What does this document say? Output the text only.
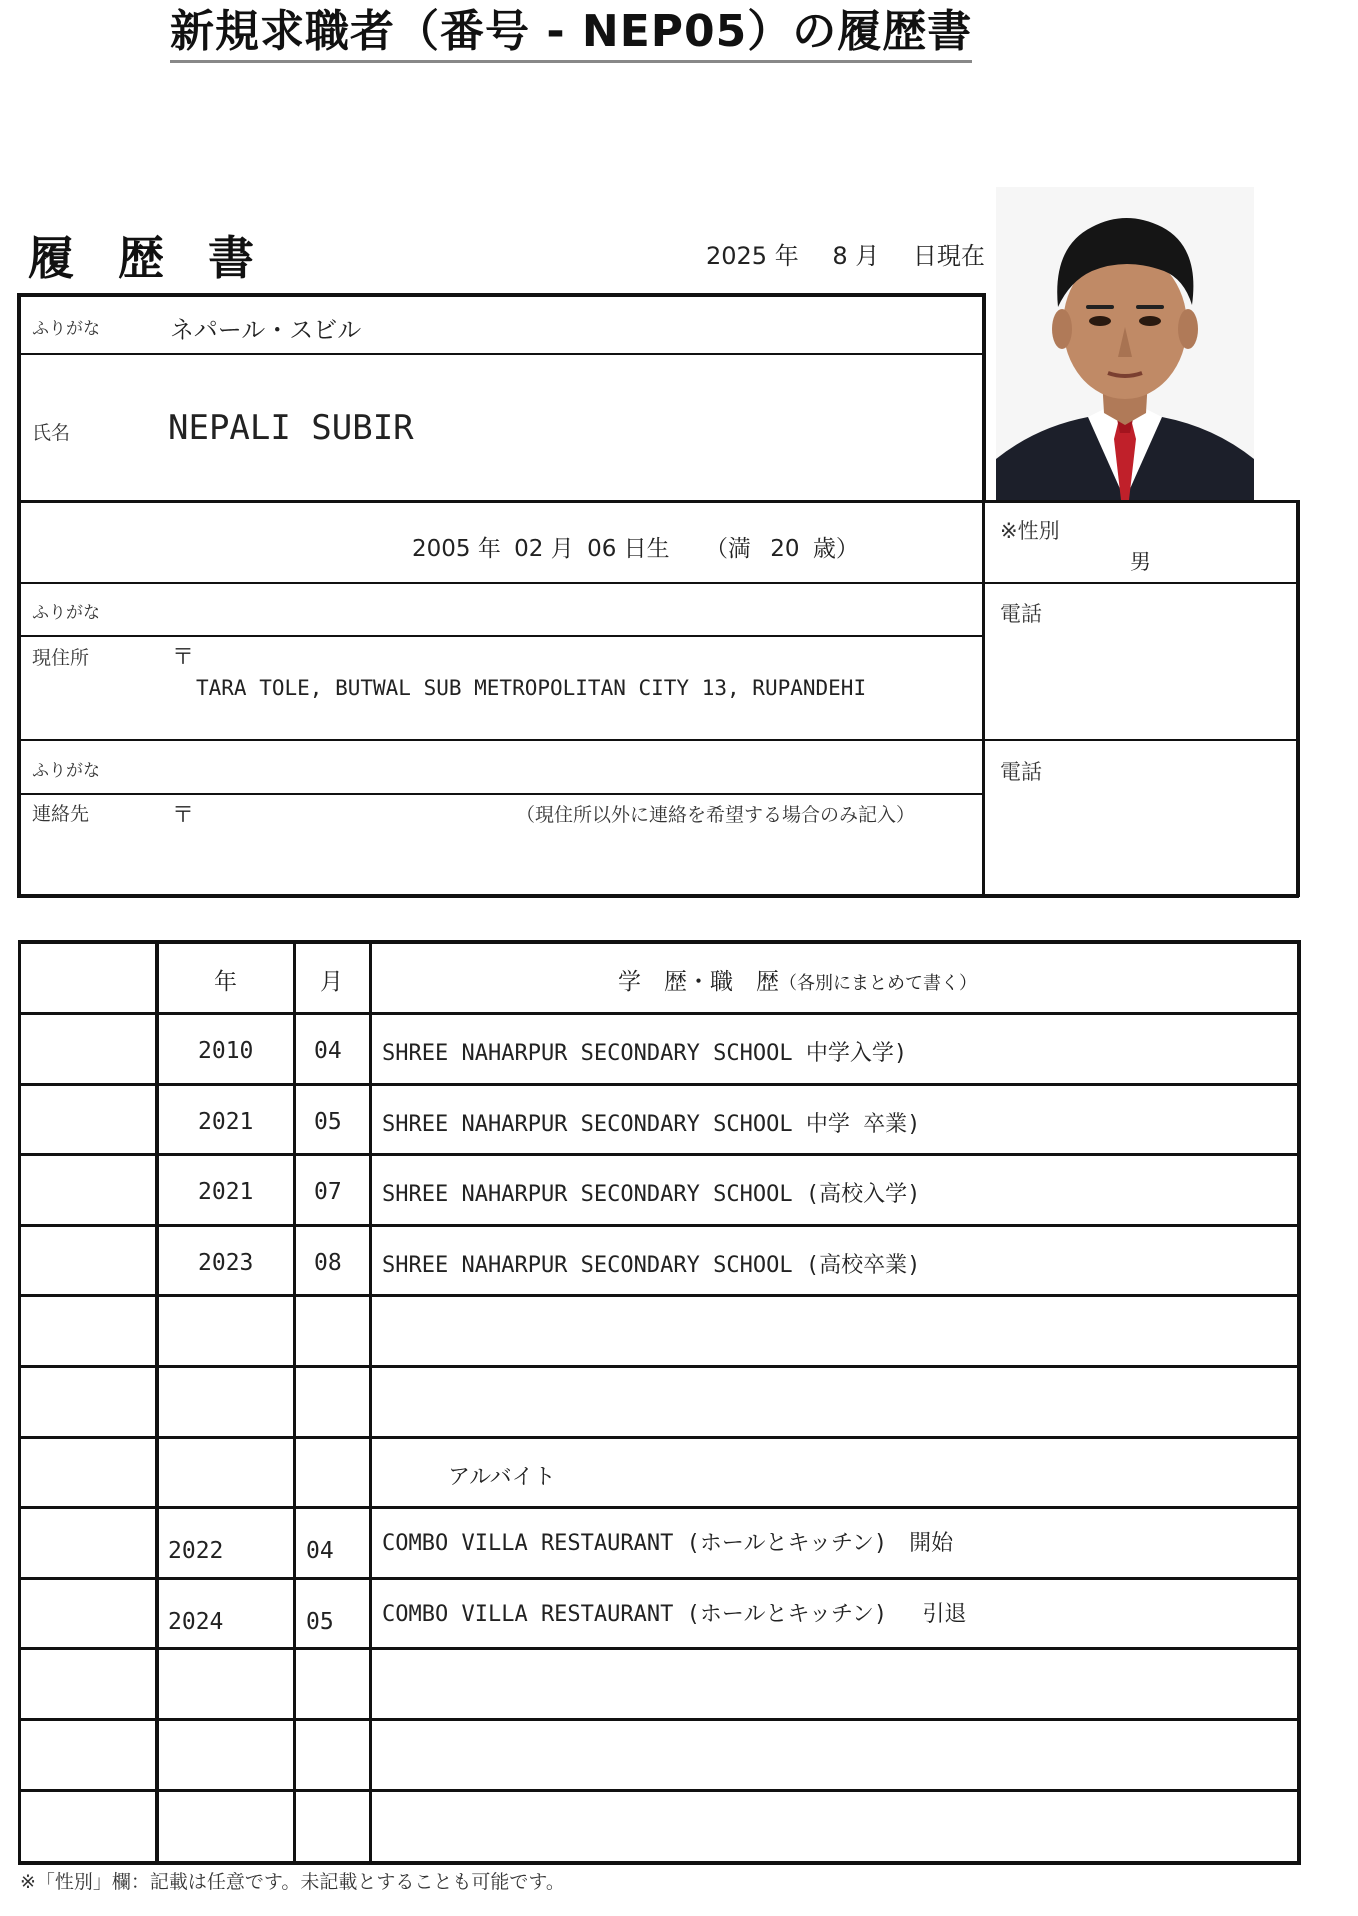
新規求職者（番号 - NEP05）の履歴書
履 歴 書	2025 年 8 月 日現在
ふりがな	ネパール・スビル
氏名	NEPALI SUBIR
2005 年 02 月 06 日生 （満 20 歳）
※性別
男
ふりがな
現住所	〒
TARA TOLE, BUTWAL SUB METROPOLITAN CITY 13, RUPANDEHI
電話
ふりがな
連絡先	〒	（現住所以外に連絡を希望する場合のみ記入）
電話
年	月	学　歴・職　歴（各別にまとめて書く）
2010	04 SHREE NAHARPUR SECONDARY SCHOOL 中学入学)
2021	05 SHREE NAHARPUR SECONDARY SCHOOL 中学 卒業)
2021	07 SHREE NAHARPUR SECONDARY SCHOOL (高校入学)
2023	08 SHREE NAHARPUR SECONDARY SCHOOL (高校卒業)
アルバイト
2022	04 COMBO VILLA RESTAURANT (ホールとキッチン)　開始
2024	05 COMBO VILLA RESTAURANT (ホールとキッチン)　 引退
※「性別」欄：記載は任意です。未記載とすることも可能です。
